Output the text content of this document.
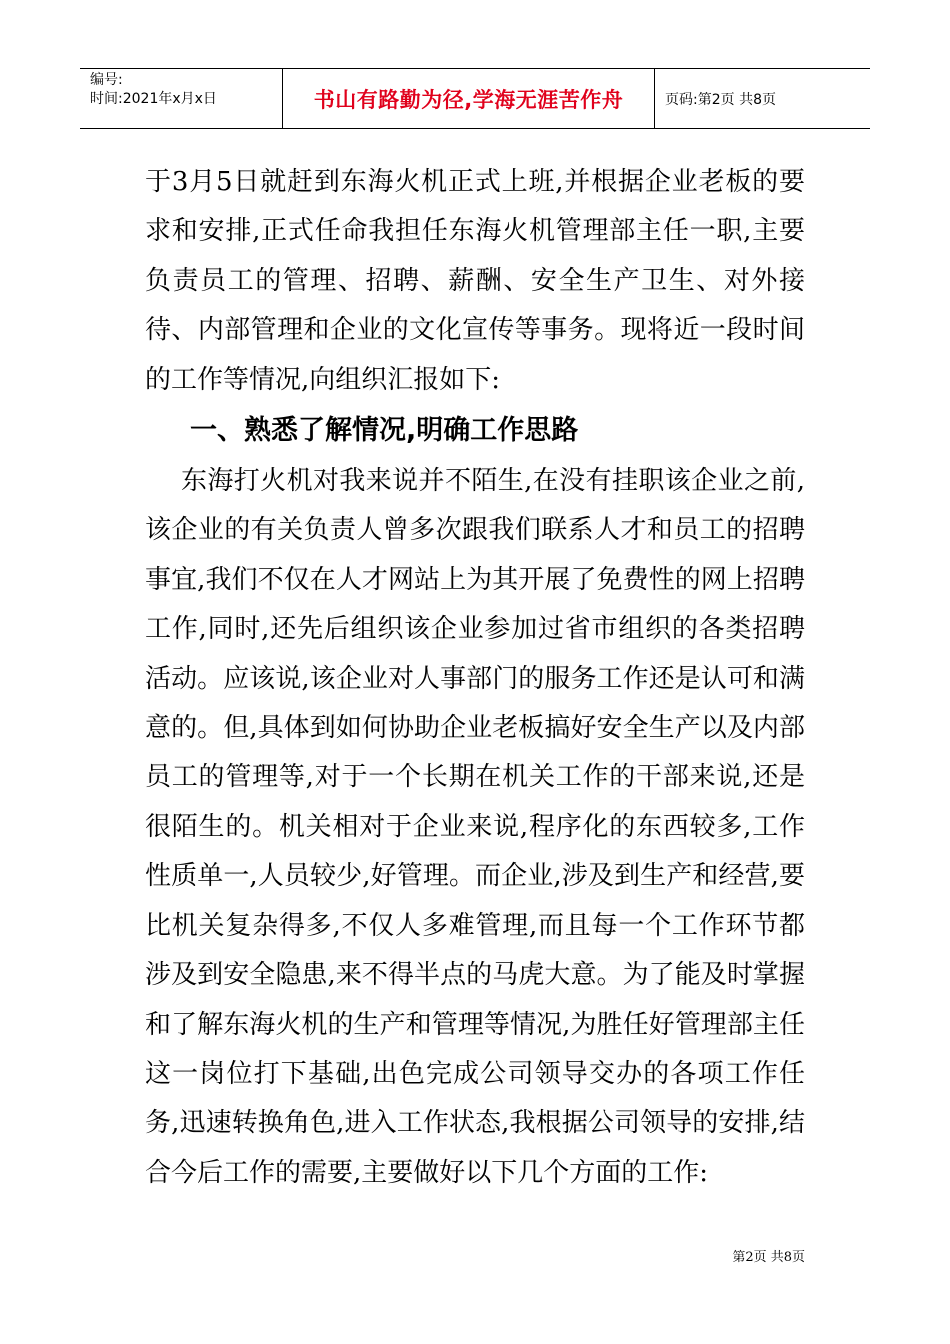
编号:
时间:2021年x月x日	书山有路勤为径,学海无涯苦作舟	页码:第2页 共8页

于3月5日就赶到东海火机正式上班,并根据企业老板的要求和安排,正式任命我担任东海火机管理部主任一职,主要负责员工的管理、招聘、薪酬、安全生产卫生、对外接待、内部管理和企业的文化宣传等事务。现将近一段时间的工作等情况,向组织汇报如下:

一、熟悉了解情况,明确工作思路

东海打火机对我来说并不陌生,在没有挂职该企业之前,该企业的有关负责人曾多次跟我们联系人才和员工的招聘事宜,我们不仅在人才网站上为其开展了免费性的网上招聘工作,同时,还先后组织该企业参加过省市组织的各类招聘活动。应该说,该企业对人事部门的服务工作还是认可和满意的。但,具体到如何协助企业老板搞好安全生产以及内部员工的管理等,对于一个长期在机关工作的干部来说,还是很陌生的。机关相对于企业来说,程序化的东西较多,工作性质单一,人员较少,好管理。而企业,涉及到生产和经营,要比机关复杂得多,不仅人多难管理,而且每一个工作环节都涉及到安全隐患,来不得半点的马虎大意。为了能及时掌握和了解东海火机的生产和管理等情况,为胜任好管理部主任这一岗位打下基础,出色完成公司领导交办的各项工作任务,迅速转换角色,进入工作状态,我根据公司领导的安排,结合今后工作的需要,主要做好以下几个方面的工作:

第2页 共8页
